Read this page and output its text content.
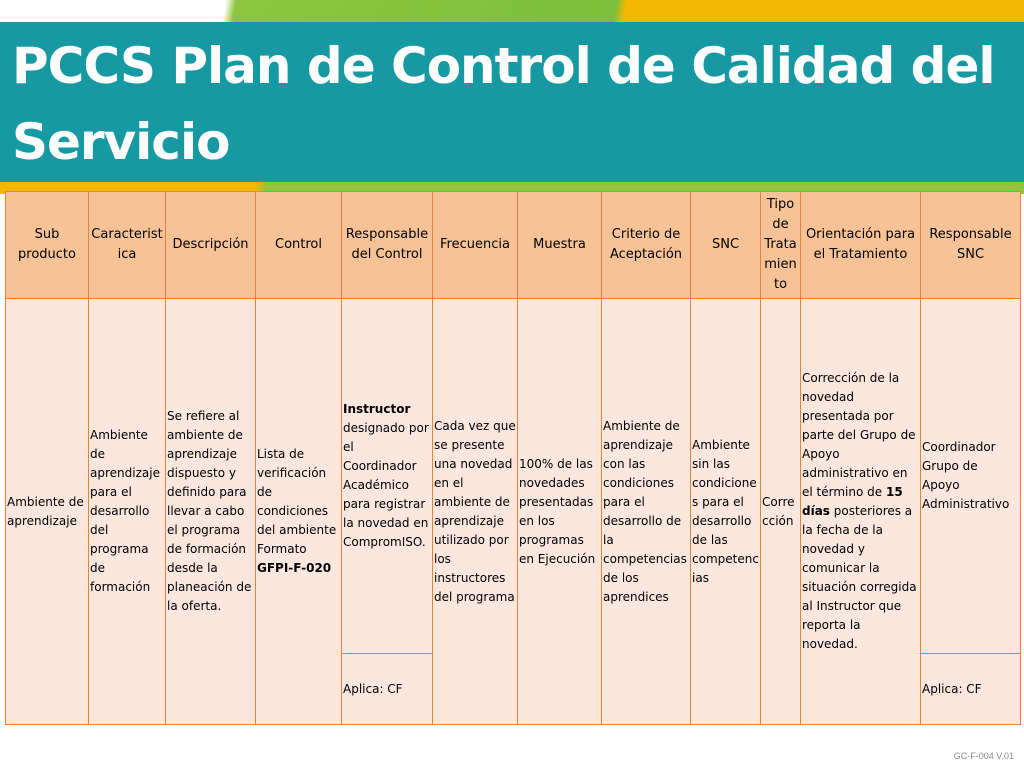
PCCS Plan de Control de Calidad del Servicio
Sub producto	Caracterist ica	Descripción	Control	Responsable del Control	Frecuencia	Muestra	Criterio de Aceptación	SNC	Tipo de Trata mien to	Orientación para el Tratamiento	Responsable SNC
Ambiente de aprendizaje	Ambiente de aprendizaje para el desarrollo del programa de formación	Se refiere al ambiente de aprendizaje dispuesto y definido para llevar a cabo el programa de formación desde la planeación de la oferta.	Lista de verificación de condiciones del ambiente Formato GFPI-F-020	Instructor designado por el Coordinador Académico para registrar la novedad en CompromISO.	Cada vez que se presente una novedad en el ambiente de aprendizaje utilizado por los instructores del programa	100% de las novedades presentadas en los programas en Ejecución	Ambiente de aprendizaje con las condiciones para el desarrollo de la competencias de los aprendices	Ambiente sin las condiciones para el desarrollo de las competencias	Corrección	Corrección de la novedad presentada por parte del Grupo de Apoyo administrativo en el término de 15 días posteriores a la fecha de la novedad y comunicar la situación corregida al Instructor que reporta la novedad.	Coordinador Grupo de Apoyo Administrativo
				Aplica: CF							Aplica: CF
GC-F-004 V.01
